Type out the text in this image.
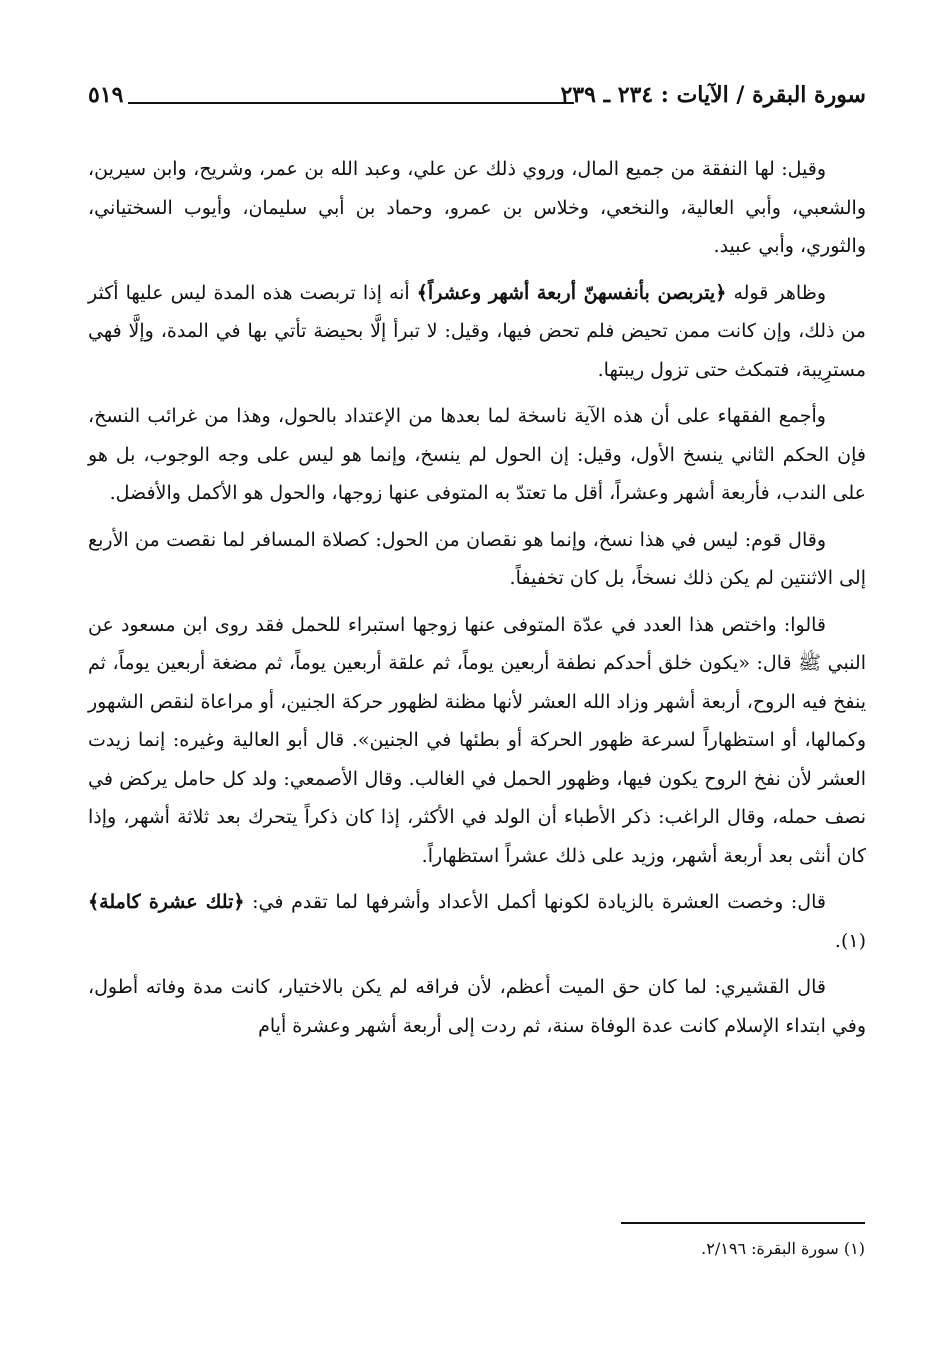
سورة البقرة / الآيات : ٢٣٤ ـ ٢٣٩
٥١٩

وقيل: لها النفقة من جميع المال، وروي ذلك عن علي، وعبد الله بن عمر، وشريح، وابن سيرين، والشعبي، وأبي العالية، والنخعي، وخلاس بن عمرو، وحماد بن أبي سليمان، وأيوب السختياني، والثوري، وأبي عبيد.

وظاهر قوله ﴿يتربصن بأنفسهنّ أربعة أشهر وعشراً﴾ أنه إذا تربصت هذه المدة ليس عليها أكثر من ذلك، وإن كانت ممن تحيض فلم تحض فيها، وقيل: لا تبرأ إلَّا بحيضة تأتي بها في المدة، وإلَّا فهي مسترِيبة، فتمكث حتى تزول ريبتها.

وأجمع الفقهاء على أن هذه الآية ناسخة لما بعدها من الإعتداد بالحول، وهذا من غرائب النسخ، فإن الحكم الثاني ينسخ الأول، وقيل: إن الحول لم ينسخ، وإنما هو ليس على وجه الوجوب، بل هو على الندب، فأربعة أشهر وعشراً، أقل ما تعتدّ به المتوفى عنها زوجها، والحول هو الأكمل والأفضل.

وقال قوم: ليس في هذا نسخ، وإنما هو نقصان من الحول: كصلاة المسافر لما نقصت من الأربع إلى الاثنتين لم يكن ذلك نسخاً، بل كان تخفيفاً.

قالوا: واختص هذا العدد في عدّة المتوفى عنها زوجها استبراء للحمل فقد روى ابن مسعود عن النبي ﷺ قال: «يكون خلق أحدكم نطفة أربعين يوماً، ثم علقة أربعين يوماً، ثم مضغة أربعين يوماً، ثم ينفخ فيه الروح، أربعة أشهر وزاد الله العشر لأنها مظنة لظهور حركة الجنين، أو مراعاة لنقص الشهور وكمالها، أو استظهاراً لسرعة ظهور الحركة أو بطئها في الجنين». قال أبو العالية وغيره: إنما زيدت العشر لأن نفخ الروح يكون فيها، وظهور الحمل في الغالب. وقال الأصمعي: ولد كل حامل يركض في نصف حمله، وقال الراغب: ذكر الأطباء أن الولد في الأكثر، إذا كان ذكراً يتحرك بعد ثلاثة أشهر، وإذا كان أنثى بعد أربعة أشهر، وزيد على ذلك عشراً استظهاراً.

قال: وخصت العشرة بالزيادة لكونها أكمل الأعداد وأشرفها لما تقدم في: ﴿تلك عشرة كاملة﴾(١).

قال القشيري: لما كان حق الميت أعظم، لأن فراقه لم يكن بالاختيار، كانت مدة وفاته أطول، وفي ابتداء الإسلام كانت عدة الوفاة سنة، ثم ردت إلى أربعة أشهر وعشرة أيام

(١) سورة البقرة: ٢/١٩٦.
